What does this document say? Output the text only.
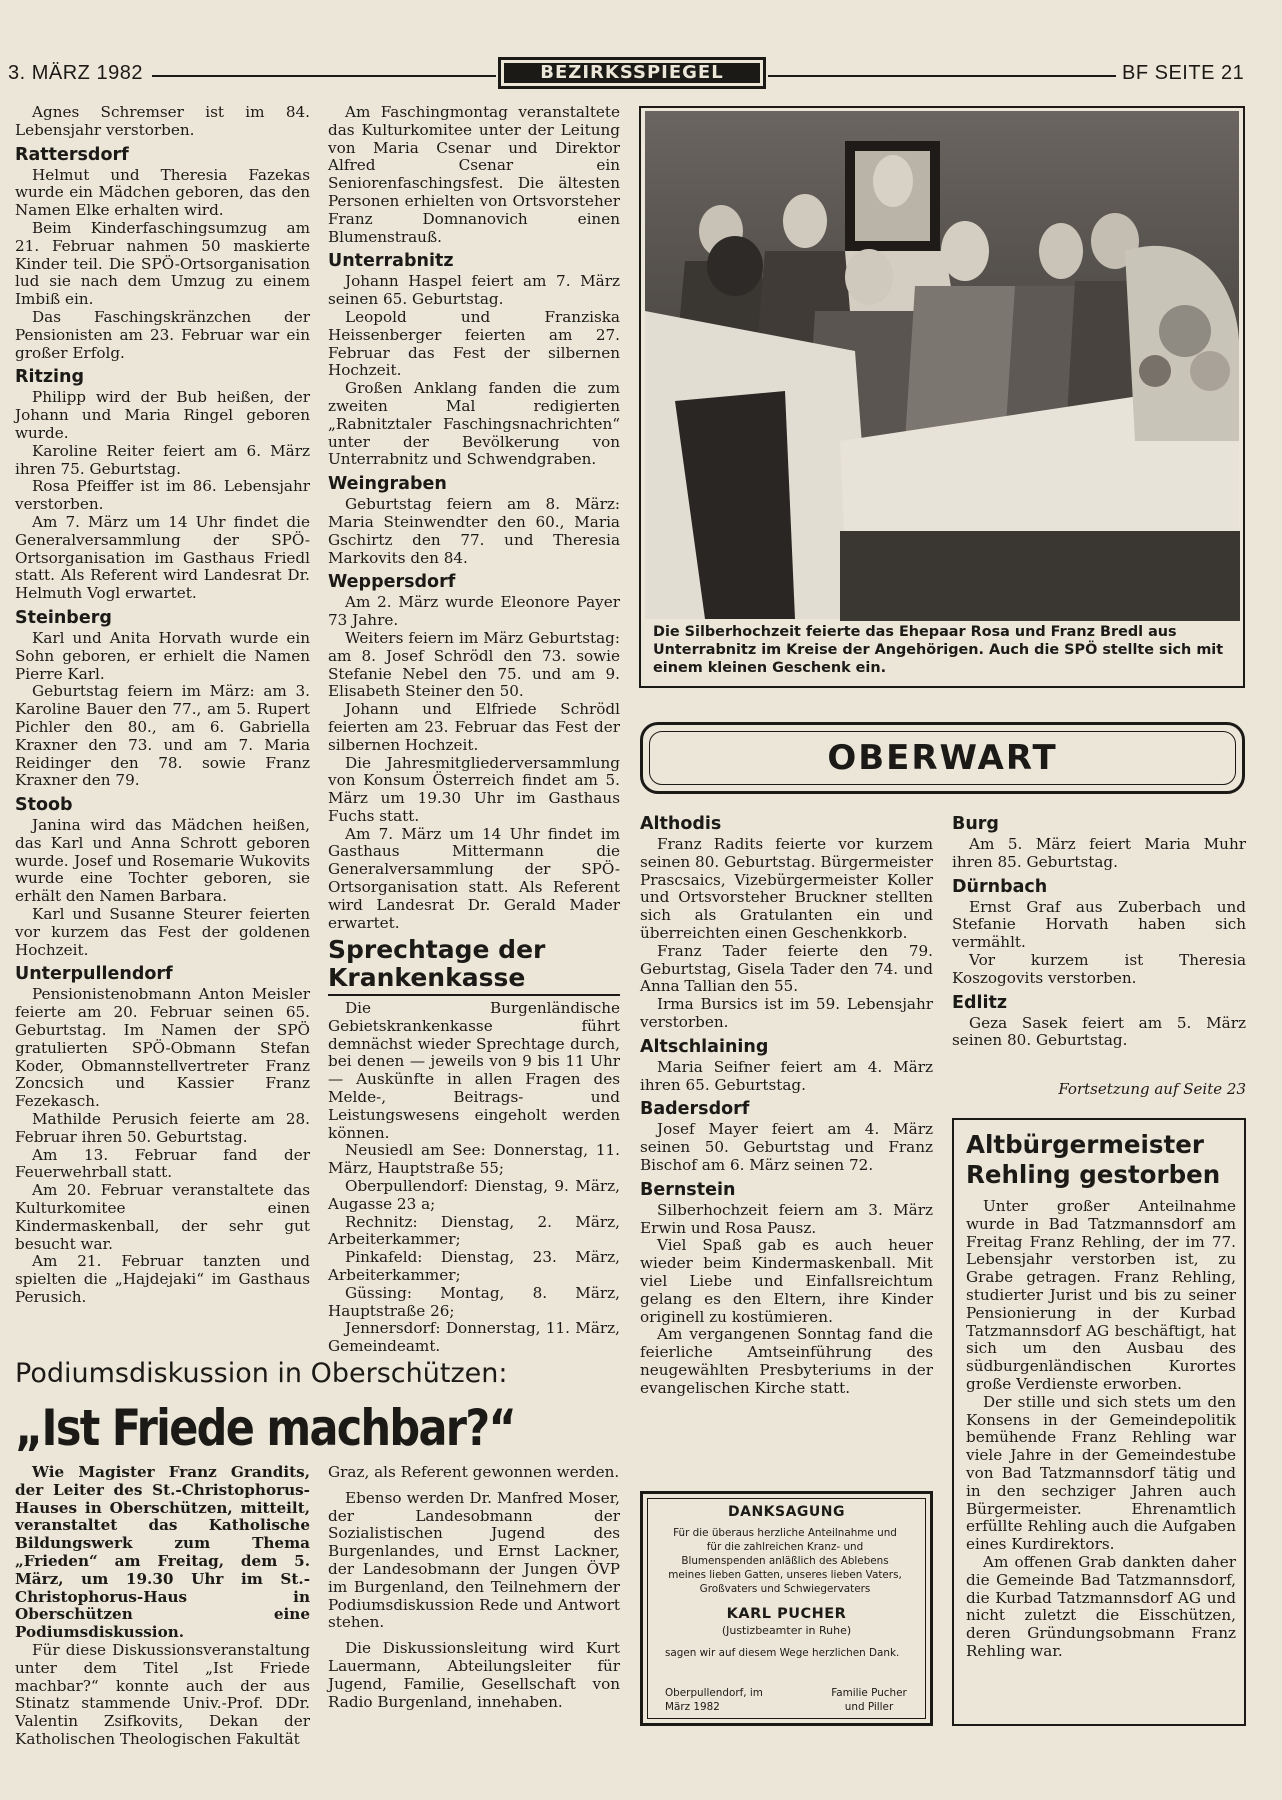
3. MÄRZ 1982	BEZIRKSSPIEGEL	BF SEITE 21

Agnes Schremser ist im 84. Lebensjahr verstorben.

Rattersdorf

Helmut und Theresia Fazekas wurde ein Mädchen geboren, das den Namen Elke erhalten wird.

Beim Kinderfaschingsumzug am 21. Februar nahmen 50 maskierte Kinder teil. Die SPÖ-Ortsorganisation lud sie nach dem Umzug zu einem Imbiß ein.

Das Faschingskränzchen der Pensionisten am 23. Februar war ein großer Erfolg.

Ritzing

Philipp wird der Bub heißen, der Johann und Maria Ringel geboren wurde.

Karoline Reiter feiert am 6. März ihren 75. Geburtstag.

Rosa Pfeiffer ist im 86. Lebensjahr verstorben.

Am 7. März um 14 Uhr findet die Generalversammlung der SPÖ-Ortsorganisation im Gasthaus Friedl statt. Als Referent wird Landesrat Dr. Helmuth Vogl erwartet.

Steinberg

Karl und Anita Horvath wurde ein Sohn geboren, er erhielt die Namen Pierre Karl.

Geburtstag feiern im März: am 3. Karoline Bauer den 77., am 5. Rupert Pichler den 80., am 6. Gabriella Kraxner den 73. und am 7. Maria Reidinger den 78. sowie Franz Kraxner den 79.

Stoob

Janina wird das Mädchen heißen, das Karl und Anna Schrott geboren wurde. Josef und Rosemarie Wukovits wurde eine Tochter geboren, sie erhält den Namen Barbara.

Karl und Susanne Steurer feierten vor kurzem das Fest der goldenen Hochzeit.

Unterpullendorf

Pensionistenobmann Anton Meisler feierte am 20. Februar seinen 65. Geburtstag. Im Namen der SPÖ gratulierten SPÖ-Obmann Stefan Koder, Obmannstellvertreter Franz Zoncsich und Kassier Franz Fezekasch.

Mathilde Perusich feierte am 28. Februar ihren 50. Geburtstag.

Am 13. Februar fand der Feuerwehrball statt.

Am 20. Februar veranstaltete das Kulturkomitee einen Kindermaskenball, der sehr gut besucht war.

Am 21. Februar tanzten und spielten die „Hajdejaki“ im Gasthaus Perusich.

Am Faschingmontag veranstaltete das Kulturkomitee unter der Leitung von Maria Csenar und Direktor Alfred Csenar ein Seniorenfaschingsfest. Die ältesten Personen erhielten von Ortsvorsteher Franz Domnanovich einen Blumenstrauß.

Unterrabnitz

Johann Haspel feiert am 7. März seinen 65. Geburtstag.

Leopold und Franziska Heissenberger feierten am 27. Februar das Fest der silbernen Hochzeit.

Großen Anklang fanden die zum zweiten Mal redigierten „Rabnitztaler Faschingsnachrichten“ unter der Bevölkerung von Unterrabnitz und Schwendgraben.

Weingraben

Geburtstag feiern am 8. März: Maria Steinwendter den 60., Maria Gschirtz den 77. und Theresia Markovits den 84.

Weppersdorf

Am 2. März wurde Eleonore Payer 73 Jahre.

Weiters feiern im März Geburtstag: am 8. Josef Schrödl den 73. sowie Stefanie Nebel den 75. und am 9. Elisabeth Steiner den 50.

Johann und Elfriede Schrödl feierten am 23. Februar das Fest der silbernen Hochzeit.

Die Jahresmitgliederversammlung von Konsum Österreich findet am 5. März um 19.30 Uhr im Gasthaus Fuchs statt.

Am 7. März um 14 Uhr findet im Gasthaus Mittermann die Generalversammlung der SPÖ-Ortsorganisation statt. Als Referent wird Landesrat Dr. Gerald Mader erwartet.

Sprechtage der Krankenkasse

Die Burgenländische Gebietskrankenkasse führt demnächst wieder Sprechtage durch, bei denen — jeweils von 9 bis 11 Uhr — Auskünfte in allen Fragen des Melde-, Beitrags- und Leistungswesens eingeholt werden können.

Neusiedl am See: Donnerstag, 11. März, Hauptstraße 55;

Oberpullendorf: Dienstag, 9. März, Augasse 23 a;

Rechnitz: Dienstag, 2. März, Arbeiterkammer;

Pinkafeld: Dienstag, 23. März, Arbeiterkammer;

Güssing: Montag, 8. März, Hauptstraße 26;

Jennersdorf: Donnerstag, 11. März, Gemeindeamt.

Die Silberhochzeit feierte das Ehepaar Rosa und Franz Bredl aus Unterrabnitz im Kreise der Angehörigen. Auch die SPÖ stellte sich mit einem kleinen Geschenk ein.
OBERWART
Althodis

Franz Radits feierte vor kurzem seinen 80. Geburtstag. Bürgermeister Prascsaics, Vizebürgermeister Koller und Ortsvorsteher Bruckner stellten sich als Gratulanten ein und überreichten einen Geschenkkorb.

Franz Tader feierte den 79. Geburtstag, Gisela Tader den 74. und Anna Tallian den 55.

Irma Bursics ist im 59. Lebensjahr verstorben.

Altschlaining

Maria Seifner feiert am 4. März ihren 65. Geburtstag.

Badersdorf

Josef Mayer feiert am 4. März seinen 50. Geburtstag und Franz Bischof am 6. März seinen 72.

Bernstein

Silberhochzeit feiern am 3. März Erwin und Rosa Pausz.

Viel Spaß gab es auch heuer wieder beim Kindermaskenball. Mit viel Liebe und Einfallsreichtum gelang es den Eltern, ihre Kinder originell zu kostümieren.

Am vergangenen Sonntag fand die feierliche Amtseinführung des neugewählten Presbyteriums in der evangelischen Kirche statt.

Burg

Am 5. März feiert Maria Muhr ihren 85. Geburtstag.

Dürnbach

Ernst Graf aus Zuberbach und Stefanie Horvath haben sich vermählt.

Vor kurzem ist Theresia Koszogovits verstorben.

Edlitz

Geza Sasek feiert am 5. März seinen 80. Geburtstag.

Fortsetzung auf Seite 23
Altbürgermeister Rehling gestorben

Unter großer Anteilnahme wurde in Bad Tatzmannsdorf am Freitag Franz Rehling, der im 77. Lebensjahr verstorben ist, zu Grabe getragen. Franz Rehling, studierter Jurist und bis zu seiner Pensionierung in der Kurbad Tatzmannsdorf AG beschäftigt, hat sich um den Ausbau des südburgenländischen Kurortes große Verdienste erworben.

Der stille und sich stets um den Konsens in der Gemeindepolitik bemühende Franz Rehling war viele Jahre in der Gemeindestube von Bad Tatzmannsdorf tätig und in den sechziger Jahren auch Bürgermeister. Ehrenamtlich erfüllte Rehling auch die Aufgaben eines Kurdirektors.

Am offenen Grab dankten daher die Gemeinde Bad Tatzmannsdorf, die Kurbad Tatzmannsdorf AG und nicht zuletzt die Eisschützen, deren Gründungsobmann Franz Rehling war.

DANKSAGUNG
Für die überaus herzliche Anteilnahme und für die zahlreichen Kranz- und Blumenspenden anläßlich des Ablebens meines lieben Gatten, unseres lieben Vaters, Großvaters und Schwiegervaters
KARL PUCHER
(Justizbeamter in Ruhe)
sagen wir auf diesem Wege herzlichen Dank.
Oberpullendorf, im März 1982
Familie Pucher und Piller
Podiumsdiskussion in Oberschützen:
„Ist Friede machbar?“

Wie Magister Franz Grandits, der Leiter des St.-Christophorus-Hauses in Oberschützen, mitteilt, veranstaltet das Katholische Bildungswerk zum Thema „Frieden“ am Freitag, dem 5. März, um 19.30 Uhr im St.-Christophorus-Haus in Oberschützen eine Podiumsdiskussion.

Für diese Diskussionsveranstaltung unter dem Titel „Ist Friede machbar?“ konnte auch der aus Stinatz stammende Univ.-Prof. DDr. Valentin Zsifkovits, Dekan der Katholischen Theologischen Fakultät

Graz, als Referent gewonnen werden.

Ebenso werden Dr. Manfred Moser, der Landesobmann der Sozialistischen Jugend des Burgenlandes, und Ernst Lackner, der Landesobmann der Jungen ÖVP im Burgenland, den Teilnehmern der Podiumsdiskussion Rede und Antwort stehen.

Die Diskussionsleitung wird Kurt Lauermann, Abteilungsleiter für Jugend, Familie, Gesellschaft von Radio Burgenland, innehaben.
